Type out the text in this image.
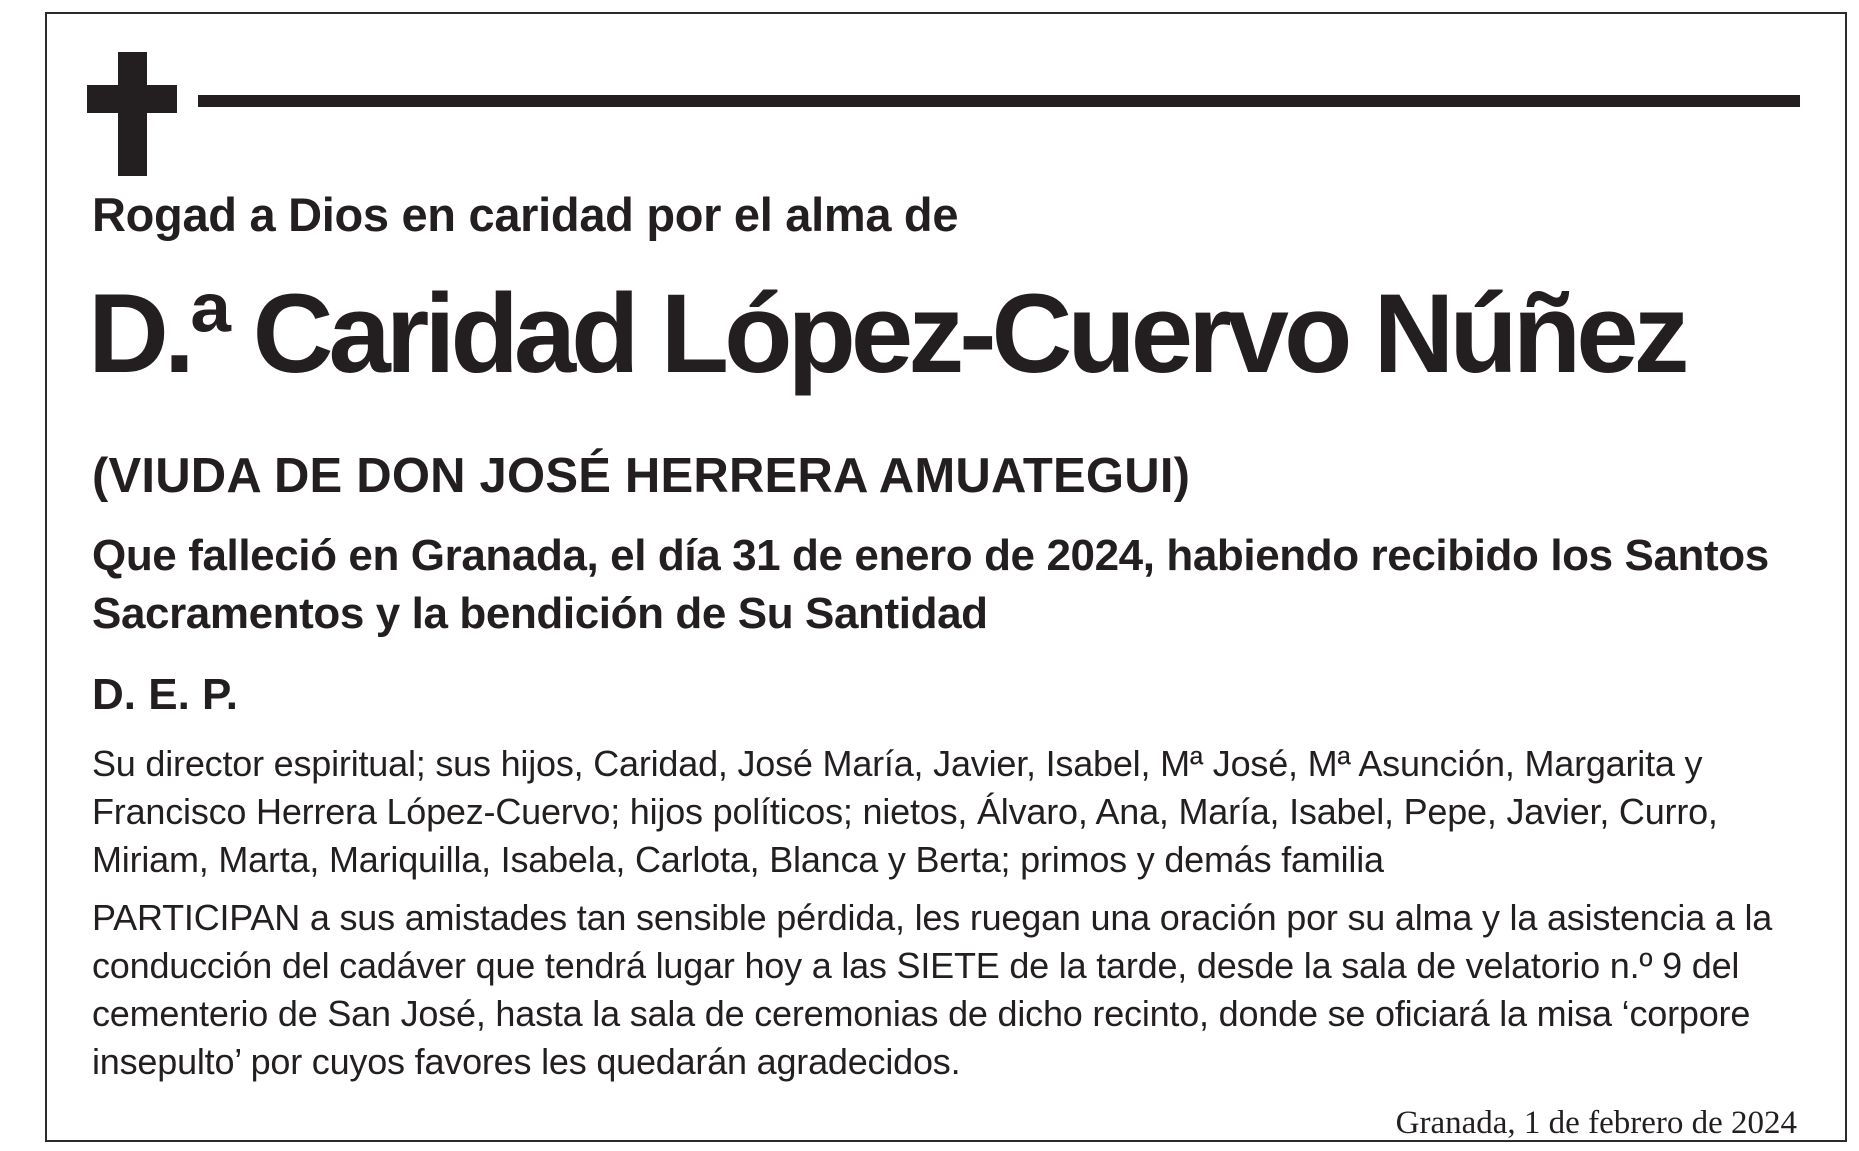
Rogad a Dios en caridad por el alma de
D.ª Caridad López-Cuervo Núñez
(VIUDA DE DON JOSÉ HERRERA AMUATEGUI)
Que falleció en Granada, el día 31 de enero de 2024, habiendo recibido los Santos Sacramentos y la bendición de Su Santidad
D. E. P.
Su director espiritual; sus hijos, Caridad, José María, Javier, Isabel, Mª José, Mª Asunción, Margarita y Francisco Herrera López-Cuervo; hijos políticos; nietos, Álvaro, Ana, María, Isabel, Pepe, Javier, Curro, Miriam, Marta, Mariquilla, Isabela, Carlota, Blanca y Berta; primos y demás familia
PARTICIPAN a sus amistades tan sensible pérdida, les ruegan una oración por su alma y la asistencia a la conducción del cadáver que tendrá lugar hoy a las SIETE de la tarde, desde la sala de velatorio n.º 9 del cementerio de San José, hasta la sala de ceremonias de dicho recinto, donde se oficiará la misa ‘corpore insepulto’ por cuyos favores les quedarán agradecidos.
Granada, 1 de febrero de 2024
